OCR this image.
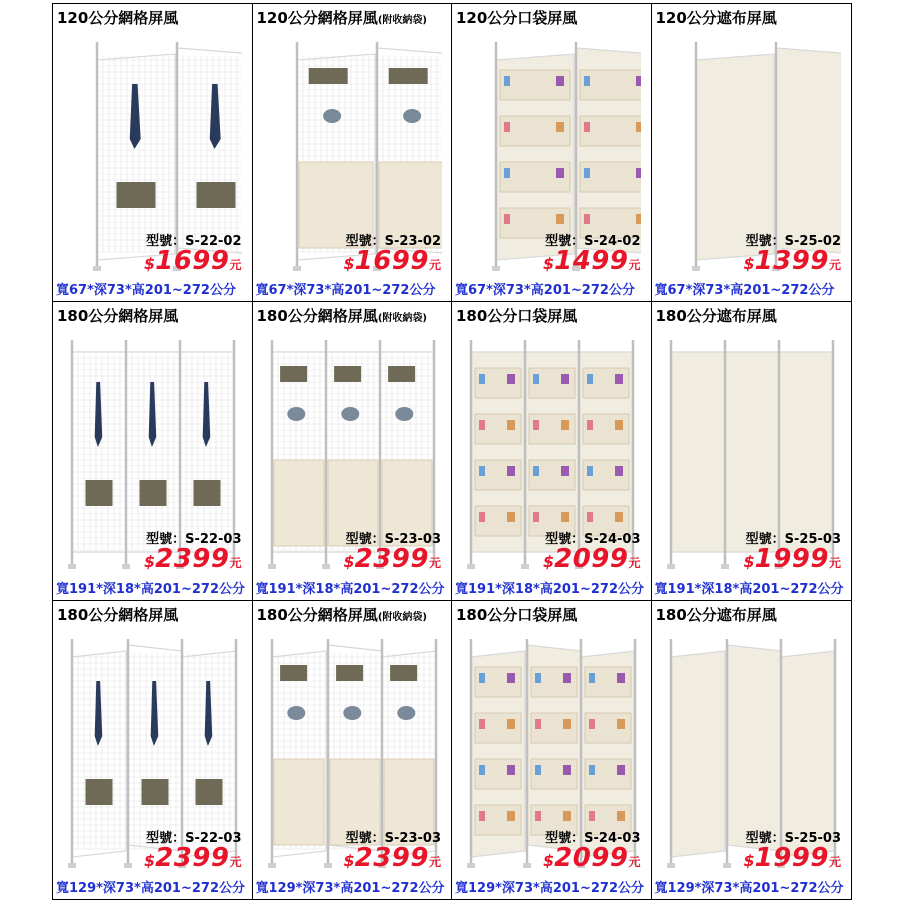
120公分網格屏風
型號：S-22-02
$1699元
寬67*深73*高201~272公分
120公分網格屏風(附收納袋)
型號：S-23-02
$1699元
寬67*深73*高201~272公分
120公分口袋屏風
型號：S-24-02
$1499元
寬67*深73*高201~272公分
120公分遮布屏風
型號：S-25-02
$1399元
寬67*深73*高201~272公分
180公分網格屏風
型號：S-22-03
$2399元
寬191*深18*高201~272公分
180公分網格屏風(附收納袋)
型號：S-23-03
$2399元
寬191*深18*高201~272公分
180公分口袋屏風
型號：S-24-03
$2099元
寬191*深18*高201~272公分
180公分遮布屏風
型號：S-25-03
$1999元
寬191*深18*高201~272公分
180公分網格屏風
型號：S-22-03
$2399元
寬129*深73*高201~272公分
180公分網格屏風(附收納袋)
型號：S-23-03
$2399元
寬129*深73*高201~272公分
180公分口袋屏風
型號：S-24-03
$2099元
寬129*深73*高201~272公分
180公分遮布屏風
型號：S-25-03
$1999元
寬129*深73*高201~272公分
